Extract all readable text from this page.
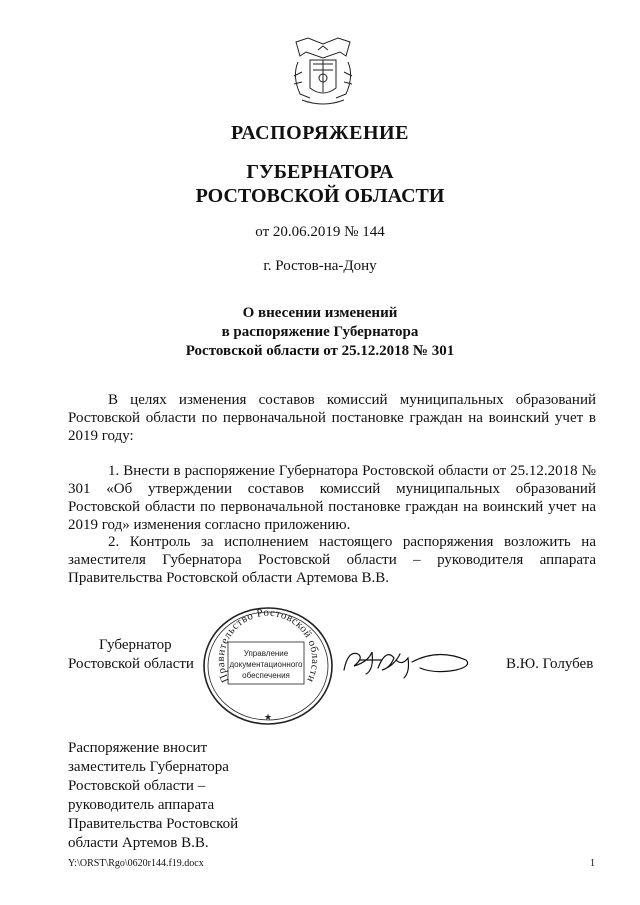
РАСПОРЯЖЕНИЕ
ГУБЕРНАТОРА
РОСТОВСКОЙ ОБЛАСТИ
от 20.06.2019 № 144
г. Ростов-на-Дону
О внесении изменений
в распоряжение Губернатора
Ростовской области от 25.12.2018 № 301
В целях изменения составов комиссий муниципальных образований Ростовской области по первоначальной постановке граждан на воинский учет в 2019 году:
1. Внести в распоряжение Губернатора Ростовской области от 25.12.2018 № 301 «Об утверждении составов комиссий муниципальных образований Ростовской области по первоначальной постановке граждан на воинский учет на 2019 год» изменения согласно приложению.
2. Контроль за исполнением настоящего распоряжения возложить на заместителя Губернатора Ростовской области – руководителя аппарата Правительства Ростовской области Артемова В.В.
Губернатор
Ростовской области
Правительство Ростовской области
Управление
документационного
обеспечения
★
В.Ю. Голубев
Распоряжение вносит
заместитель Губернатора
Ростовской области –
руководитель аппарата
Правительства Ростовской
области Артемов В.В.
Y:\ORST\Rgo\0620r144.f19.docx	1
